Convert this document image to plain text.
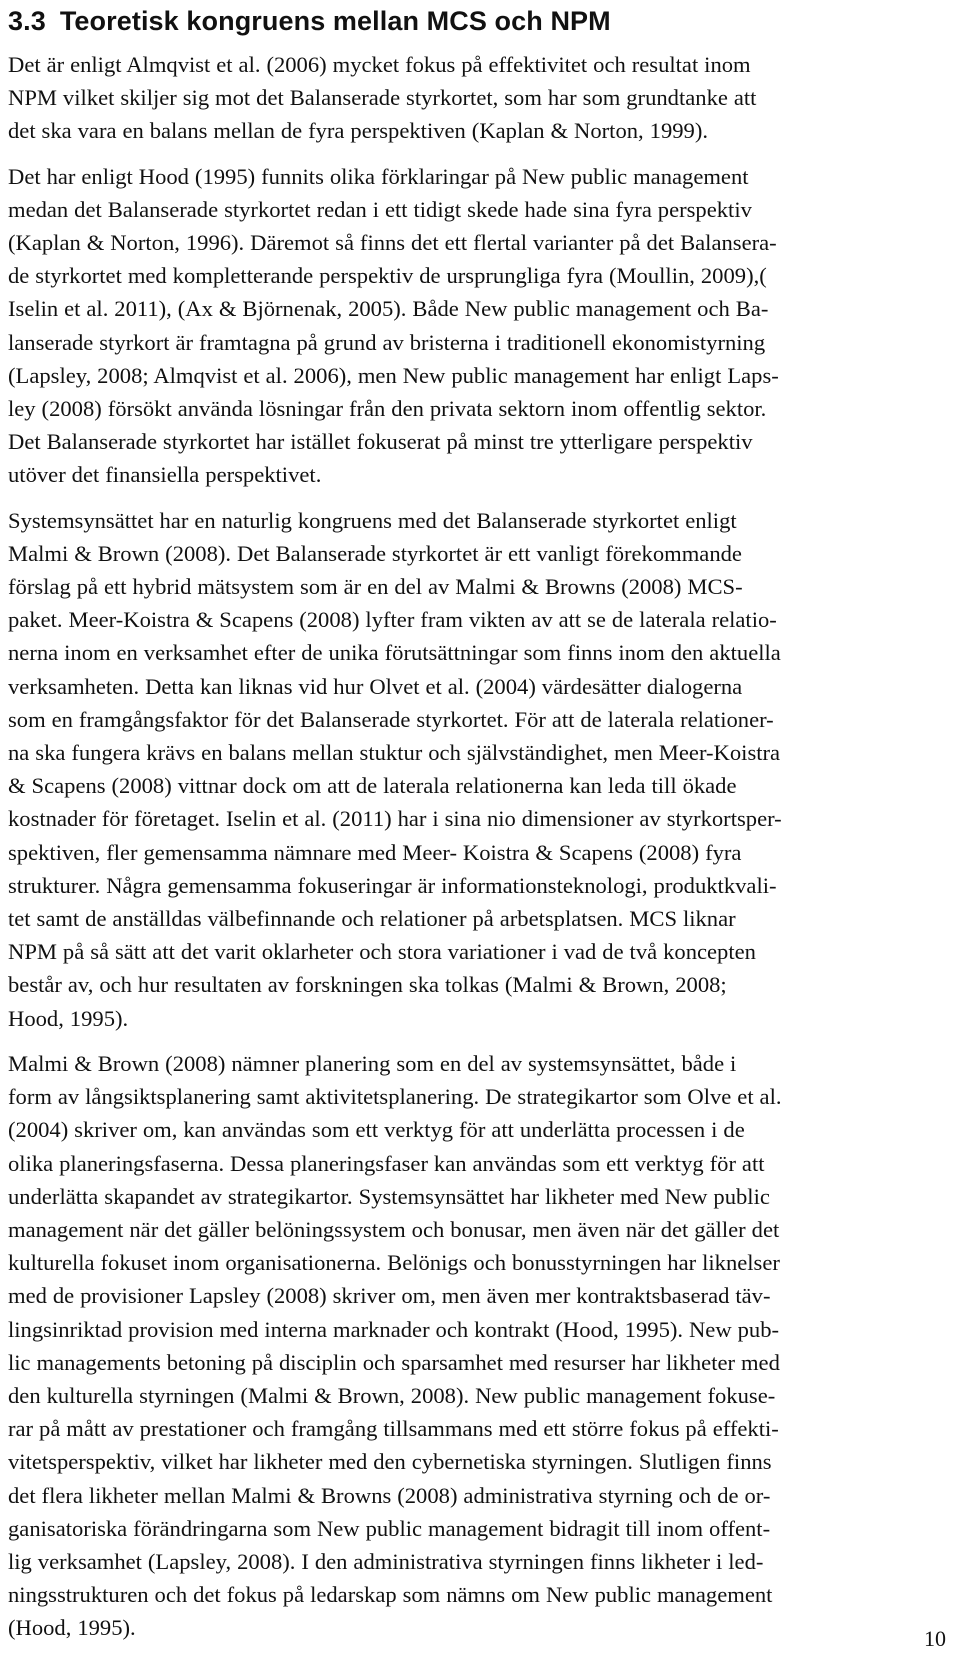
3.3 Teoretisk kongruens mellan MCS och NPM

Det är enligt Almqvist et al. (2006) mycket fokus på effektivitet och resultat inom
NPM vilket skiljer sig mot det Balanserade styrkortet, som har som grundtanke att
det ska vara en balans mellan de fyra perspektiven (Kaplan & Norton, 1999).

Det har enligt Hood (1995) funnits olika förklaringar på New public management
medan det Balanserade styrkortet redan i ett tidigt skede hade sina fyra perspektiv
(Kaplan & Norton, 1996). Däremot så finns det ett flertal varianter på det Balansera-
de styrkortet med kompletterande perspektiv de ursprungliga fyra (Moullin, 2009),(
Iselin et al. 2011), (Ax & Björnenak, 2005). Både New public management och Ba-
lanserade styrkort är framtagna på grund av bristerna i traditionell ekonomistyrning
(Lapsley, 2008; Almqvist et al. 2006), men New public management har enligt Laps-
ley (2008) försökt använda lösningar från den privata sektorn inom offentlig sektor.
Det Balanserade styrkortet har istället fokuserat på minst tre ytterligare perspektiv
utöver det finansiella perspektivet.

Systemsynsättet har en naturlig kongruens med det Balanserade styrkortet enligt
Malmi & Brown (2008). Det Balanserade styrkortet är ett vanligt förekommande
förslag på ett hybrid mätsystem som är en del av Malmi & Browns (2008) MCS-
paket. Meer-Koistra & Scapens (2008) lyfter fram vikten av att se de laterala relatio-
nerna inom en verksamhet efter de unika förutsättningar som finns inom den aktuella
verksamheten. Detta kan liknas vid hur Olvet et al. (2004) värdesätter dialogerna
som en framgångsfaktor för det Balanserade styrkortet. För att de laterala relationer-
na ska fungera krävs en balans mellan stuktur och självständighet, men Meer-Koistra
& Scapens (2008) vittnar dock om att de laterala relationerna kan leda till ökade
kostnader för företaget. Iselin et al. (2011) har i sina nio dimensioner av styrkortsper-
spektiven, fler gemensamma nämnare med Meer- Koistra & Scapens (2008) fyra
strukturer. Några gemensamma fokuseringar är informationsteknologi, produktkvali-
tet samt de anställdas välbefinnande och relationer på arbetsplatsen. MCS liknar
NPM på så sätt att det varit oklarheter och stora variationer i vad de två koncepten
består av, och hur resultaten av forskningen ska tolkas (Malmi & Brown, 2008;
Hood, 1995).

Malmi & Brown (2008) nämner planering som en del av systemsynsättet, både i
form av långsiktsplanering samt aktivitetsplanering. De strategikartor som Olve et al.
(2004) skriver om, kan användas som ett verktyg för att underlätta processen i de
olika planeringsfaserna. Dessa planeringsfaser kan användas som ett verktyg för att
underlätta skapandet av strategikartor. Systemsynsättet har likheter med New public
management när det gäller belöningssystem och bonusar, men även när det gäller det
kulturella fokuset inom organisationerna. Belönigs och bonusstyrningen har liknelser
med de provisioner Lapsley (2008) skriver om, men även mer kontraktsbaserad täv-
lingsinriktad provision med interna marknader och kontrakt (Hood, 1995). New pub-
lic managements betoning på disciplin och sparsamhet med resurser har likheter med
den kulturella styrningen (Malmi & Brown, 2008). New public management fokuse-
rar på mått av prestationer och framgång tillsammans med ett större fokus på effekti-
vitetsperspektiv, vilket har likheter med den cybernetiska styrningen. Slutligen finns
det flera likheter mellan Malmi & Browns (2008) administrativa styrning och de or-
ganisatoriska förändringarna som New public management bidragit till inom offent-
lig verksamhet (Lapsley, 2008). I den administrativa styrningen finns likheter i led-
ningsstrukturen och det fokus på ledarskap som nämns om New public management
(Hood, 1995).	10
